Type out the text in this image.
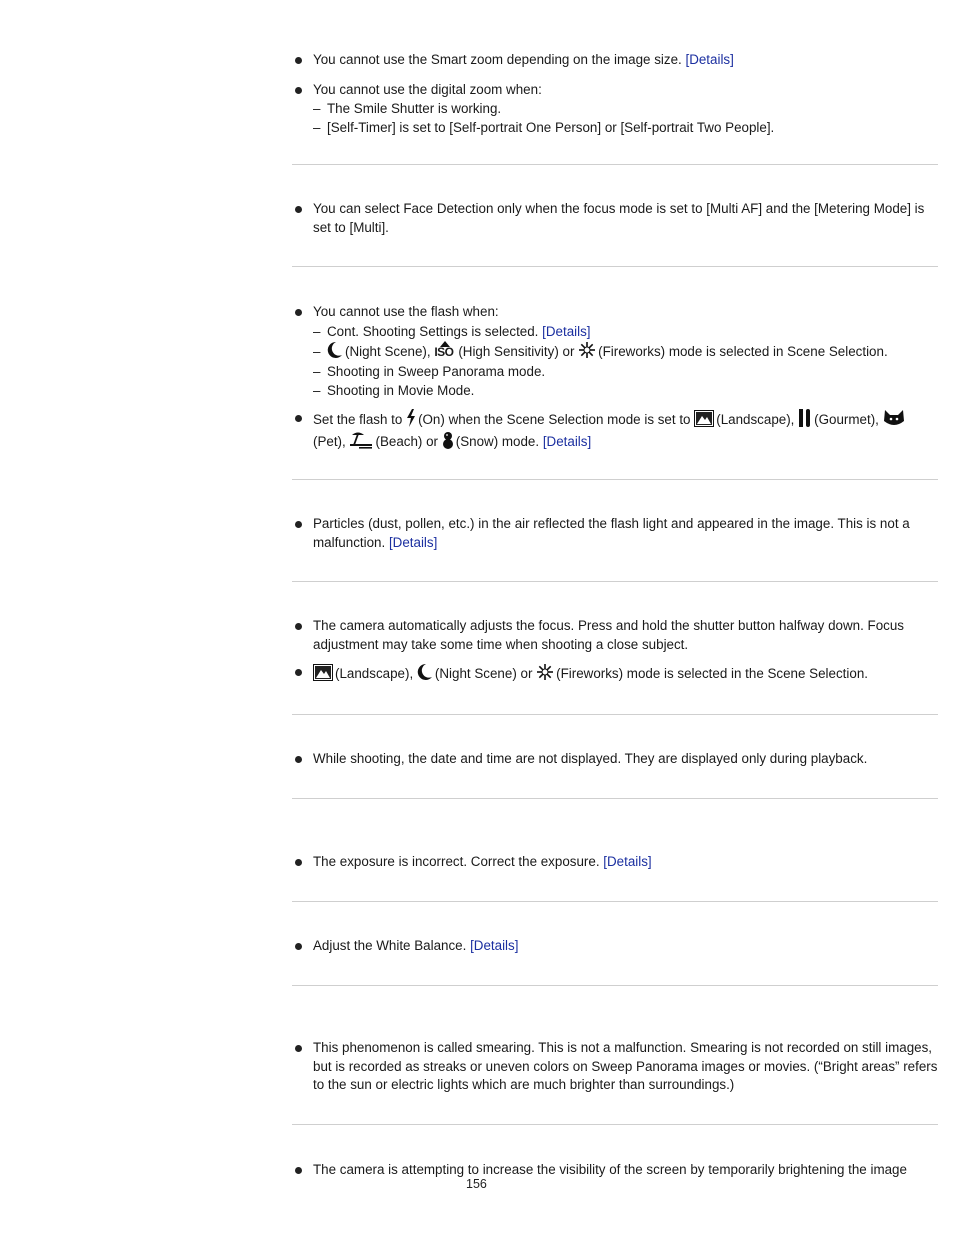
You cannot use the Smart zoom depending on the image size. [Details]
You cannot use the digital zoom when:
– The Smile Shutter is working.
– [Self-Timer] is set to [Self-portrait One Person] or [Self-portrait Two People].
You can select Face Detection only when the focus mode is set to [Multi AF] and the [Metering Mode] is set to [Multi].
You cannot use the flash when:
– Cont. Shooting Settings is selected. [Details]
– (Night Scene), ISO (High Sensitivity) or (Fireworks) mode is selected in Scene Selection.
– Shooting in Sweep Panorama mode.
– Shooting in Movie Mode.
Set the flash to (On) when the Scene Selection mode is set to (Landscape), (Gourmet),
(Pet), (Beach) or (Snow) mode. [Details]
Particles (dust, pollen, etc.) in the air reflected the flash light and appeared in the image. This is not a malfunction. [Details]
The camera automatically adjusts the focus. Press and hold the shutter button halfway down. Focus adjustment may take some time when shooting a close subject.
(Landscape), (Night Scene) or (Fireworks) mode is selected in the Scene Selection.
While shooting, the date and time are not displayed. They are displayed only during playback.
The exposure is incorrect. Correct the exposure. [Details]
Adjust the White Balance. [Details]
This phenomenon is called smearing. This is not a malfunction. Smearing is not recorded on still images, but is recorded as streaks or uneven colors on Sweep Panorama images or movies. (“Bright areas” refers to the sun or electric lights which are much brighter than surroundings.)
The camera is attempting to increase the visibility of the screen by temporarily brightening the image
156
